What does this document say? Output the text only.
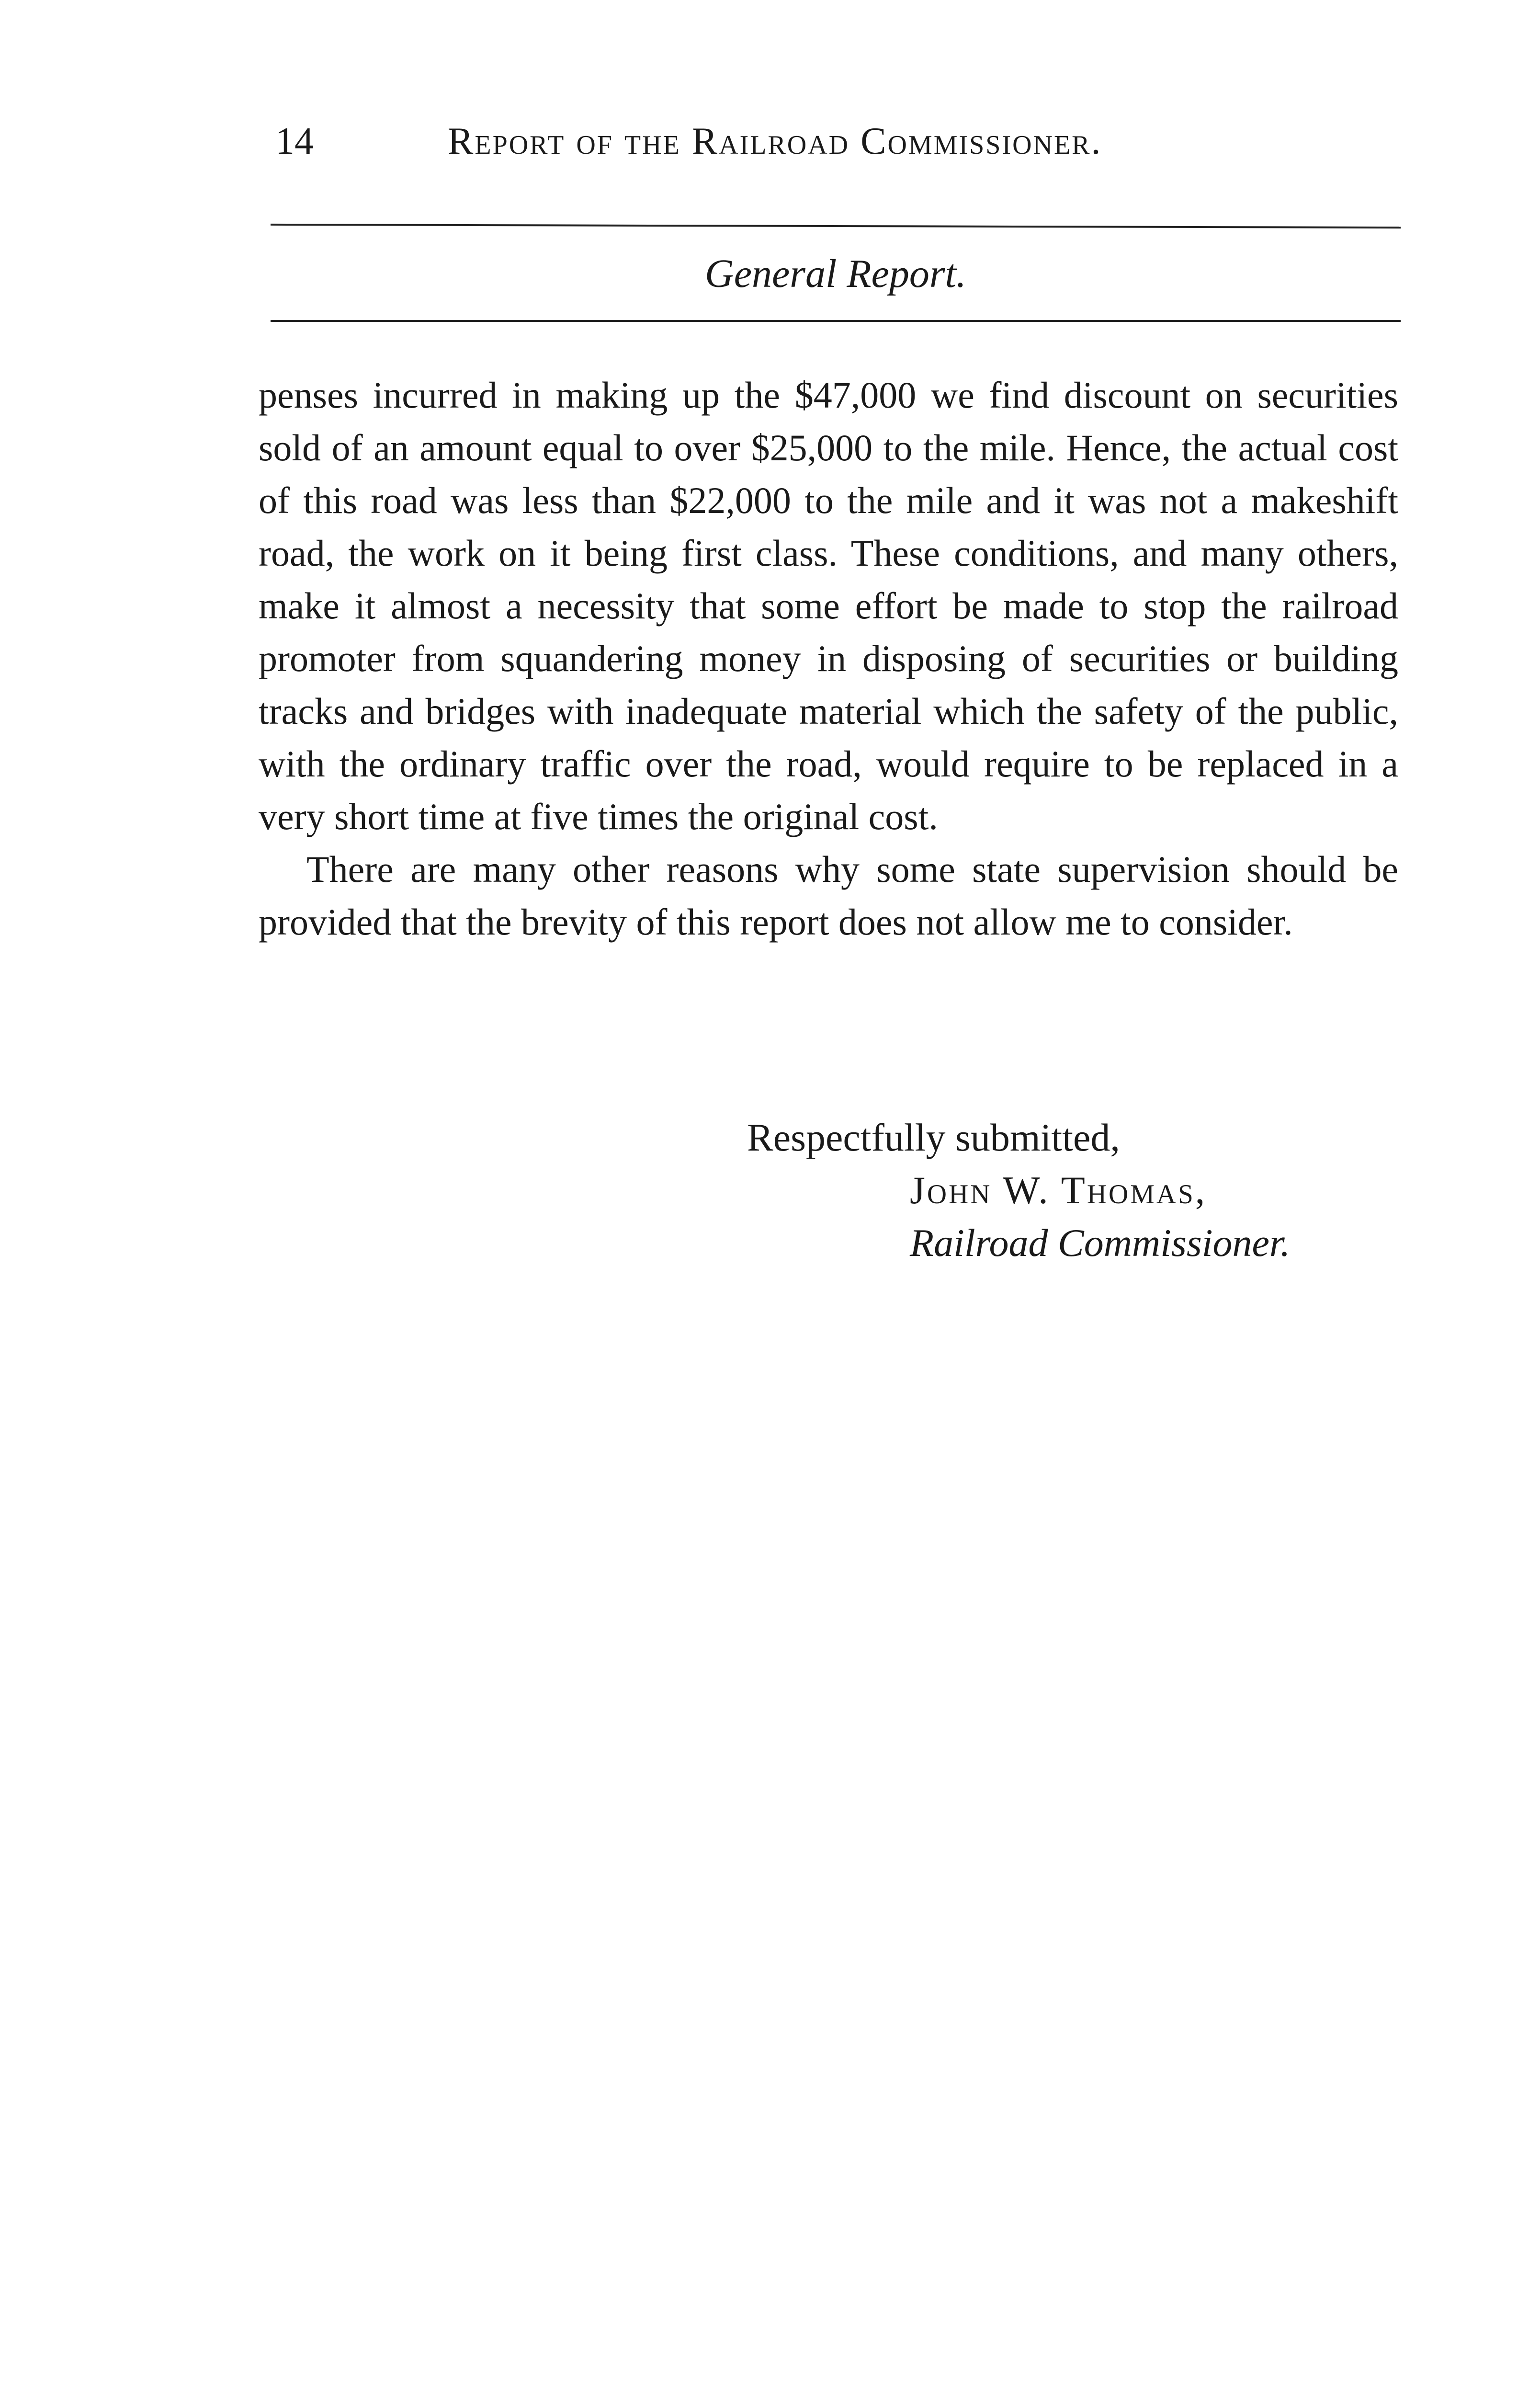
14	Report of the Railroad Commissioner.
General Report.

penses incurred in making up the $47,000 we find discount on securities sold of an amount equal to over $25,000 to the mile. Hence, the actual cost of this road was less than $22,000 to the mile and it was not a makeshift road, the work on it being first class. These conditions, and many others, make it almost a necessity that some effort be made to stop the railroad promoter from squandering money in disposing of securities or building tracks and bridges with inadequate material which the safety of the public, with the ordinary traffic over the road, would require to be replaced in a very short time at five times the original cost.

There are many other reasons why some state supervision should be provided that the brevity of this report does not allow me to consider.

Respectfully submitted,
John W. Thomas,
Railroad Commissioner.
